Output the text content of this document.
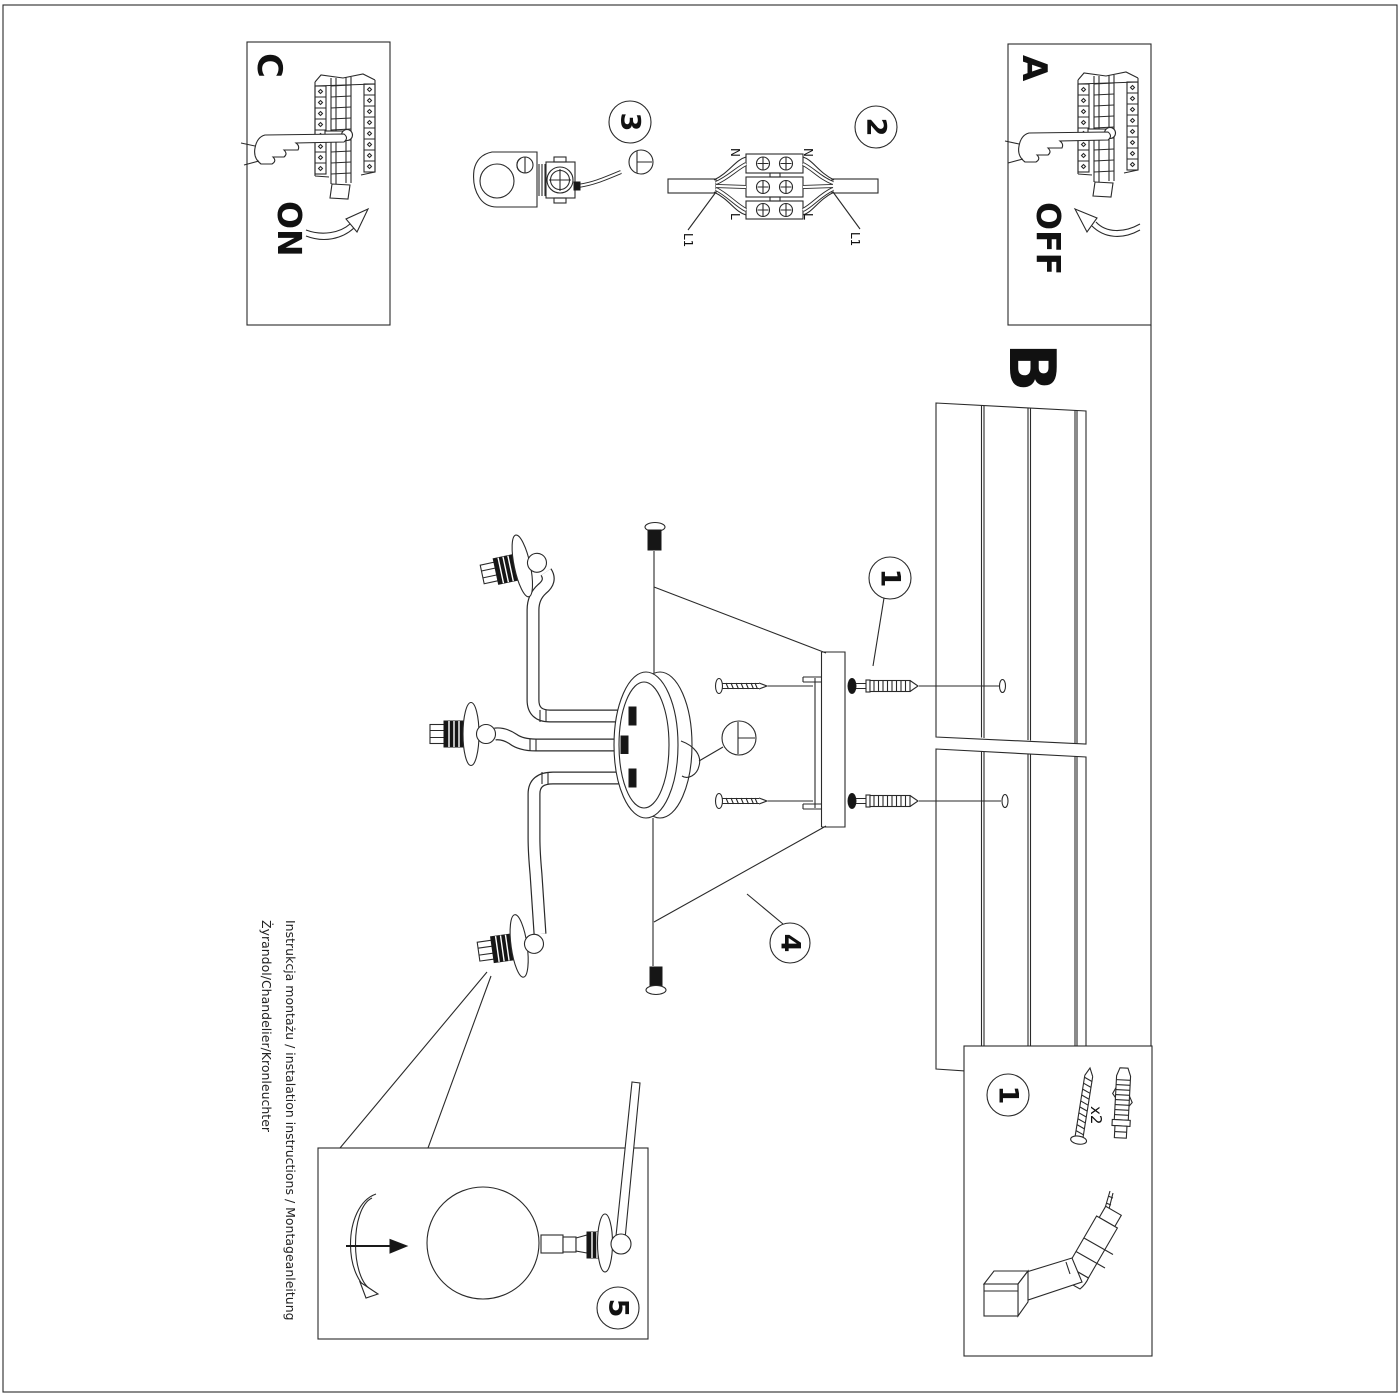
C
ON
A
OFF
3	2
N	N
L	L
L1	L1
B
1
4
5
1
x2
Instrukcja montażu / instalation instructions / Montageanleitung
Żyrandol/Chandelier/Kronleuchter
